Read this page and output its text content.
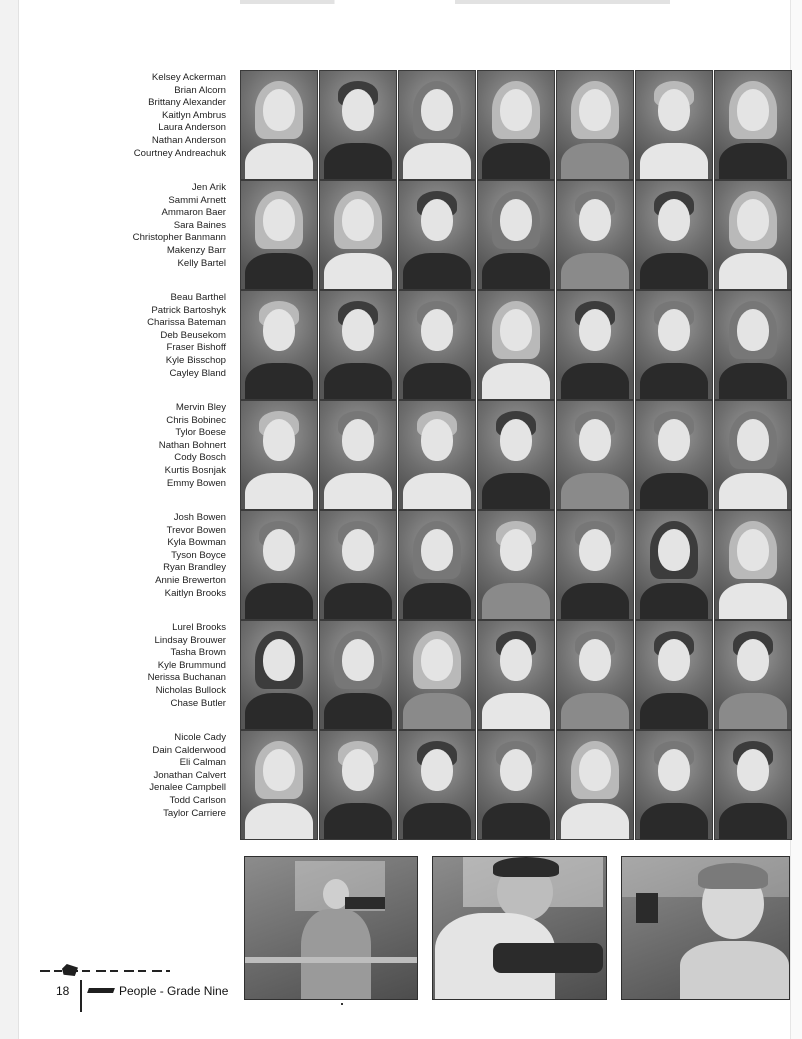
Kelsey Ackerman
Brian Alcorn
Brittany Alexander
Kaitlyn Ambrus
Laura Anderson
Nathan Anderson
Courtney Andreachuk
Jen Arik
Sammi Arnett
Ammaron Baer
Sara Baines
Christopher Banmann
Makenzy Barr
Kelly Bartel
Beau Barthel
Patrick Bartoshyk
Charissa Bateman
Deb Beusekom
Fraser Bishoff
Kyle Bisschop
Cayley Bland
Mervin Bley
Chris Bobinec
Tylor Boese
Nathan Bohnert
Cody Bosch
Kurtis Bosnjak
Emmy Bowen
Josh Bowen
Trevor Bowen
Kyla Bowman
Tyson Boyce
Ryan Brandley
Annie Brewerton
Kaitlyn Brooks
Lurel Brooks
Lindsay Brouwer
Tasha Brown
Kyle Brummund
Nerissa Buchanan
Nicholas Bullock
Chase Butler
Nicole Cady
Dain Calderwood
Eli Calman
Jonathan Calvert
Jenalee Campbell
Todd Carlson
Taylor Carriere
18	People - Grade Nine
